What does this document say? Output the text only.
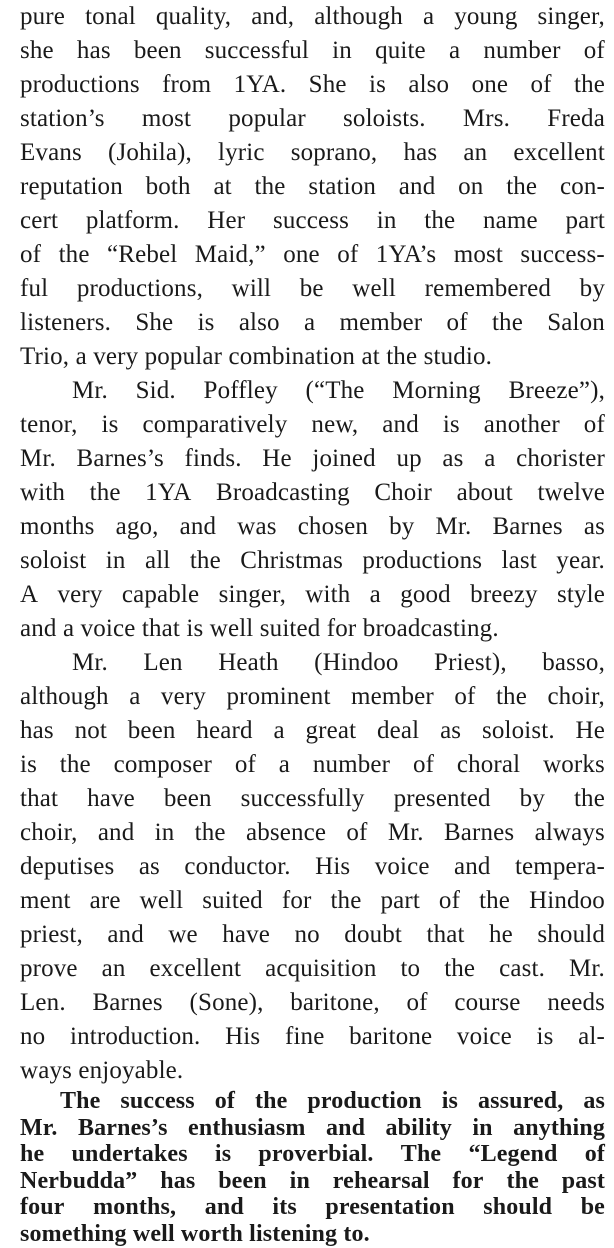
pure tonal quality, and, although a young singer,
she has been successful in quite a number of
productions from 1YA. She is also one of the
station’s most popular soloists. Mrs. Freda
Evans (Johila), lyric soprano, has an excellent
reputation both at the station and on the con-
cert platform. Her success in the name part
of the “Rebel Maid,” one of 1YA’s most success-
ful productions, will be well remembered by
listeners. She is also a member of the Salon
Trio, a very popular combination at the studio.
Mr. Sid. Poffley (“The Morning Breeze”),
tenor, is comparatively new, and is another of
Mr. Barnes’s finds. He joined up as a chorister
with the 1YA Broadcasting Choir about twelve
months ago, and was chosen by Mr. Barnes as
soloist in all the Christmas productions last year.
A very capable singer, with a good breezy style
and a voice that is well suited for broadcasting.
Mr. Len Heath (Hindoo Priest), basso,
although a very prominent member of the choir,
has not been heard a great deal as soloist. He
is the composer of a number of choral works
that have been successfully presented by the
choir, and in the absence of Mr. Barnes always
deputises as conductor. His voice and tempera-
ment are well suited for the part of the Hindoo
priest, and we have no doubt that he should
prove an excellent acquisition to the cast. Mr.
Len. Barnes (Sone), baritone, of course needs
no introduction. His fine baritone voice is al-
ways enjoyable.
The success of the production is assured, as
Mr. Barnes’s enthusiasm and ability in anything
he undertakes is proverbial. The “Legend of
Nerbudda” has been in rehearsal for the past
four months, and its presentation should be
something well worth listening to.
